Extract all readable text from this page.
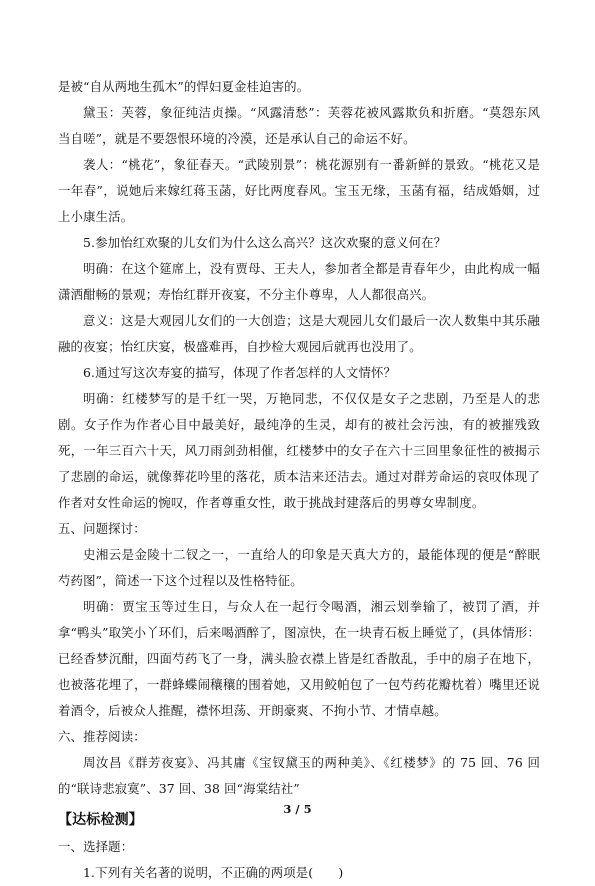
是被“自从两地生孤木”的悍妇夏金桂迫害的。

黛玉：芙蓉，象征纯洁贞操。“风露清愁”：芙蓉花被风露欺负和折磨。“莫怨东风当自嗟”，就是不要怨恨环境的冷漠，还是承认自己的命运不好。

袭人：“桃花”，象征春天。“武陵别景”：桃花源别有一番新鲜的景致。“桃花又是一年春”，说她后来嫁红蒋玉菡，好比两度春风。宝玉无缘，玉菡有福，结成婚姻，过上小康生活。

5.参加怡红欢聚的儿女们为什么这么高兴？这次欢聚的意义何在？

明确：在这个筵席上，没有贾母、王夫人，参加者全都是青春年少，由此构成一幅潇洒酣畅的景观；寿怡红群开夜宴，不分主仆尊卑，人人都很高兴。

意义：这是大观园儿女们的一大创造；这是大观园儿女们最后一次人数集中其乐融融的夜宴；怡红庆宴，极盛难再，自抄检大观园后就再也没用了。

6.通过写这次寿宴的描写，体现了作者怎样的人文情怀？

明确：红楼梦写的是千红一哭，万艳同悲，不仅仅是女子之悲剧，乃至是人的悲剧。女子作为作者心目中最美好，最纯净的生灵，却有的被社会污浊，有的被摧残致死，一年三百六十天，风刀雨剑劲相催，红楼梦中的女子在六十三回里象征性的被揭示了悲剧的命运，就像葬花吟里的落花，质本洁来还洁去。通过对群芳命运的哀叹体现了作者对女性命运的惋叹，作者尊重女性，敢于挑战封建落后的男尊女卑制度。

五、问题探讨：

史湘云是金陵十二钗之一，一直给人的印象是天真大方的，最能体现的便是“醉眠芍药图”，简述一下这个过程以及性格特征。

明确：贾宝玉等过生日，与众人在一起行令喝酒，湘云划拳输了，被罚了酒，并拿“鸭头”取笑小丫环们，后来喝酒醉了，图凉快，在一块青石板上睡觉了，(具体情形：已经香梦沉酣，四面芍药飞了一身，满头脸衣襟上皆是红香散乱，手中的扇子在地下，也被落花埋了，一群蜂蝶闹穰穰的围着她，又用鲛帕包了一包芍药花瓣枕着）嘴里还说着酒令，后被众人推醒，襟怀坦荡、开朗豪爽、不拘小节、才情卓越。

六、推荐阅读：

周汝昌《群芳夜宴》、冯其庸《宝钗黛玉的两种美》、《红楼梦》的 75 回、76 回的“联诗悲寂寞”、37 回、38 回“海棠结社”

【达标检测】

一、选择题：

1.下列有关名著的说明，不正确的两项是(　　)

3 / 5
